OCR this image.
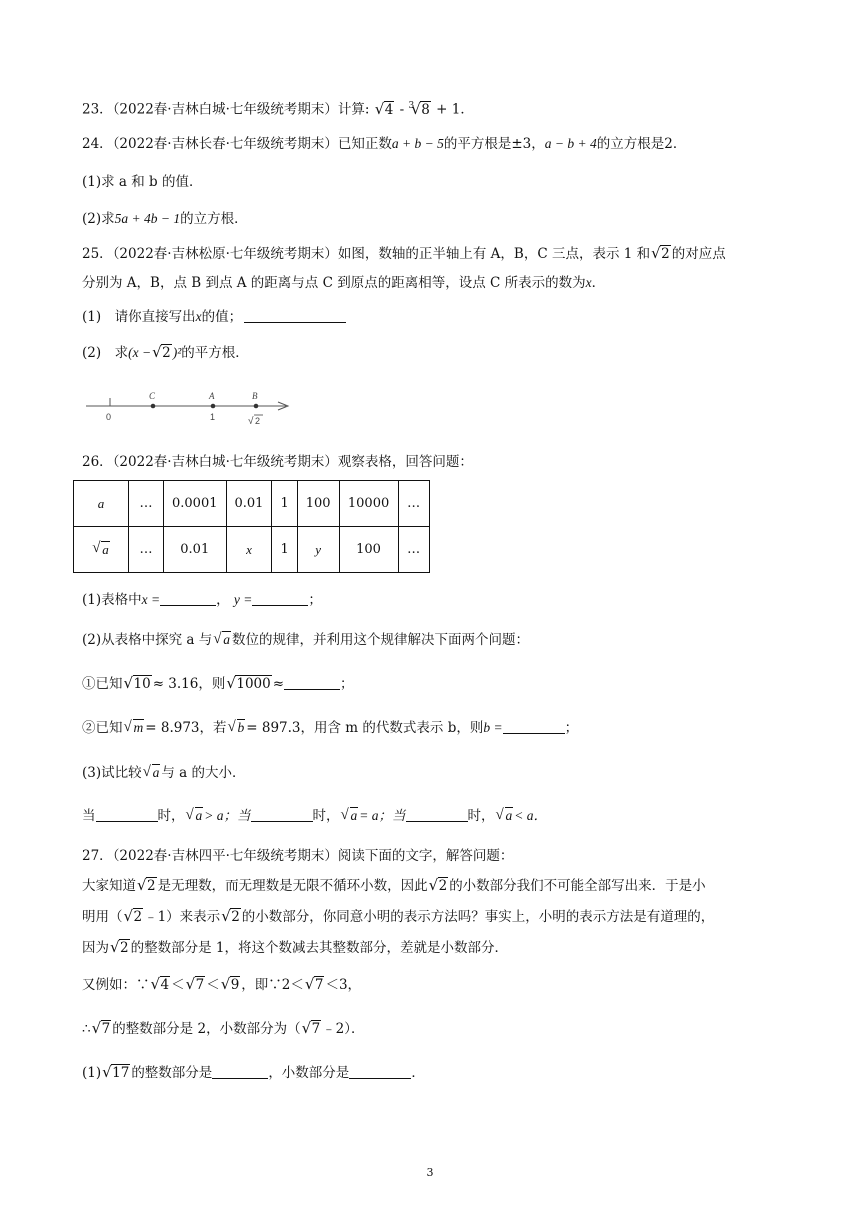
23．（2022春·吉林白城·七年级统考期末）计算: √ 4 - $^3$ √ 8 + 1．
24．（2022春·吉林长春·七年级统考期末）已知正数a + b − 5的平方根是±3，a − b + 4的立方根是2．
(1)求 a 和 b 的值．
(2)求5a + 4b − 1的立方根．
25．（2022春·吉林松原·七年级统考期末）如图，数轴的正半轴上有 A，B，C 三点，表示 1 和 √ 2 的对应点
分别为 A，B，点 B 到点 A 的距离与点 C 到原点的距离相等，设点 C 所表示的数为x．
(1)　请你直接写出x的值；
(2)　求(x − √ 2 )²的平方根．
0
C	A
1
B
√ 2
26．（2022春·吉林白城·七年级统考期末）观察表格，回答问题：
a	…	0.0001	0.01	1	100	10000	…
√ a	…	0.01	x	1	y	100	…
(1)表格中x =	， y =	；
(2)从表格中探究 a 与 √ a 数位的规律，并利用这个规律解决下面两个问题：
①已知 √ 10 ≈ 3.16，则 √ 1000 ≈	；
②已知 √ m = 8.973，若 √ b = 897.3，用含 m 的代数式表示 b，则b =	；
(3)试比较 √ a 与 a 的大小．
当	时， √ a > a；当	时， √ a = a；当	时， √ a < a．
27．（2022春·吉林四平·七年级统考期末）阅读下面的文字，解答问题：
大家知道 √ 2 是无理数，而无理数是无限不循环小数，因此 √ 2 的小数部分我们不可能全部写出来．于是小
明用（ √ 2 ﹣1）来表示 √ 2 的小数部分，你同意小明的表示方法吗？事实上，小明的表示方法是有道理的，
因为 √ 2 的整数部分是 1，将这个数减去其整数部分，差就是小数部分．
又例如：∵ √ 4 ＜ √ 7 ＜ √ 9 ，即∵2＜ √ 7 ＜3，
∴ √ 7 的整数部分是 2，小数部分为（ √ 7 ﹣2）．
(1) √ 17 的整数部分是	，小数部分是	．
3
